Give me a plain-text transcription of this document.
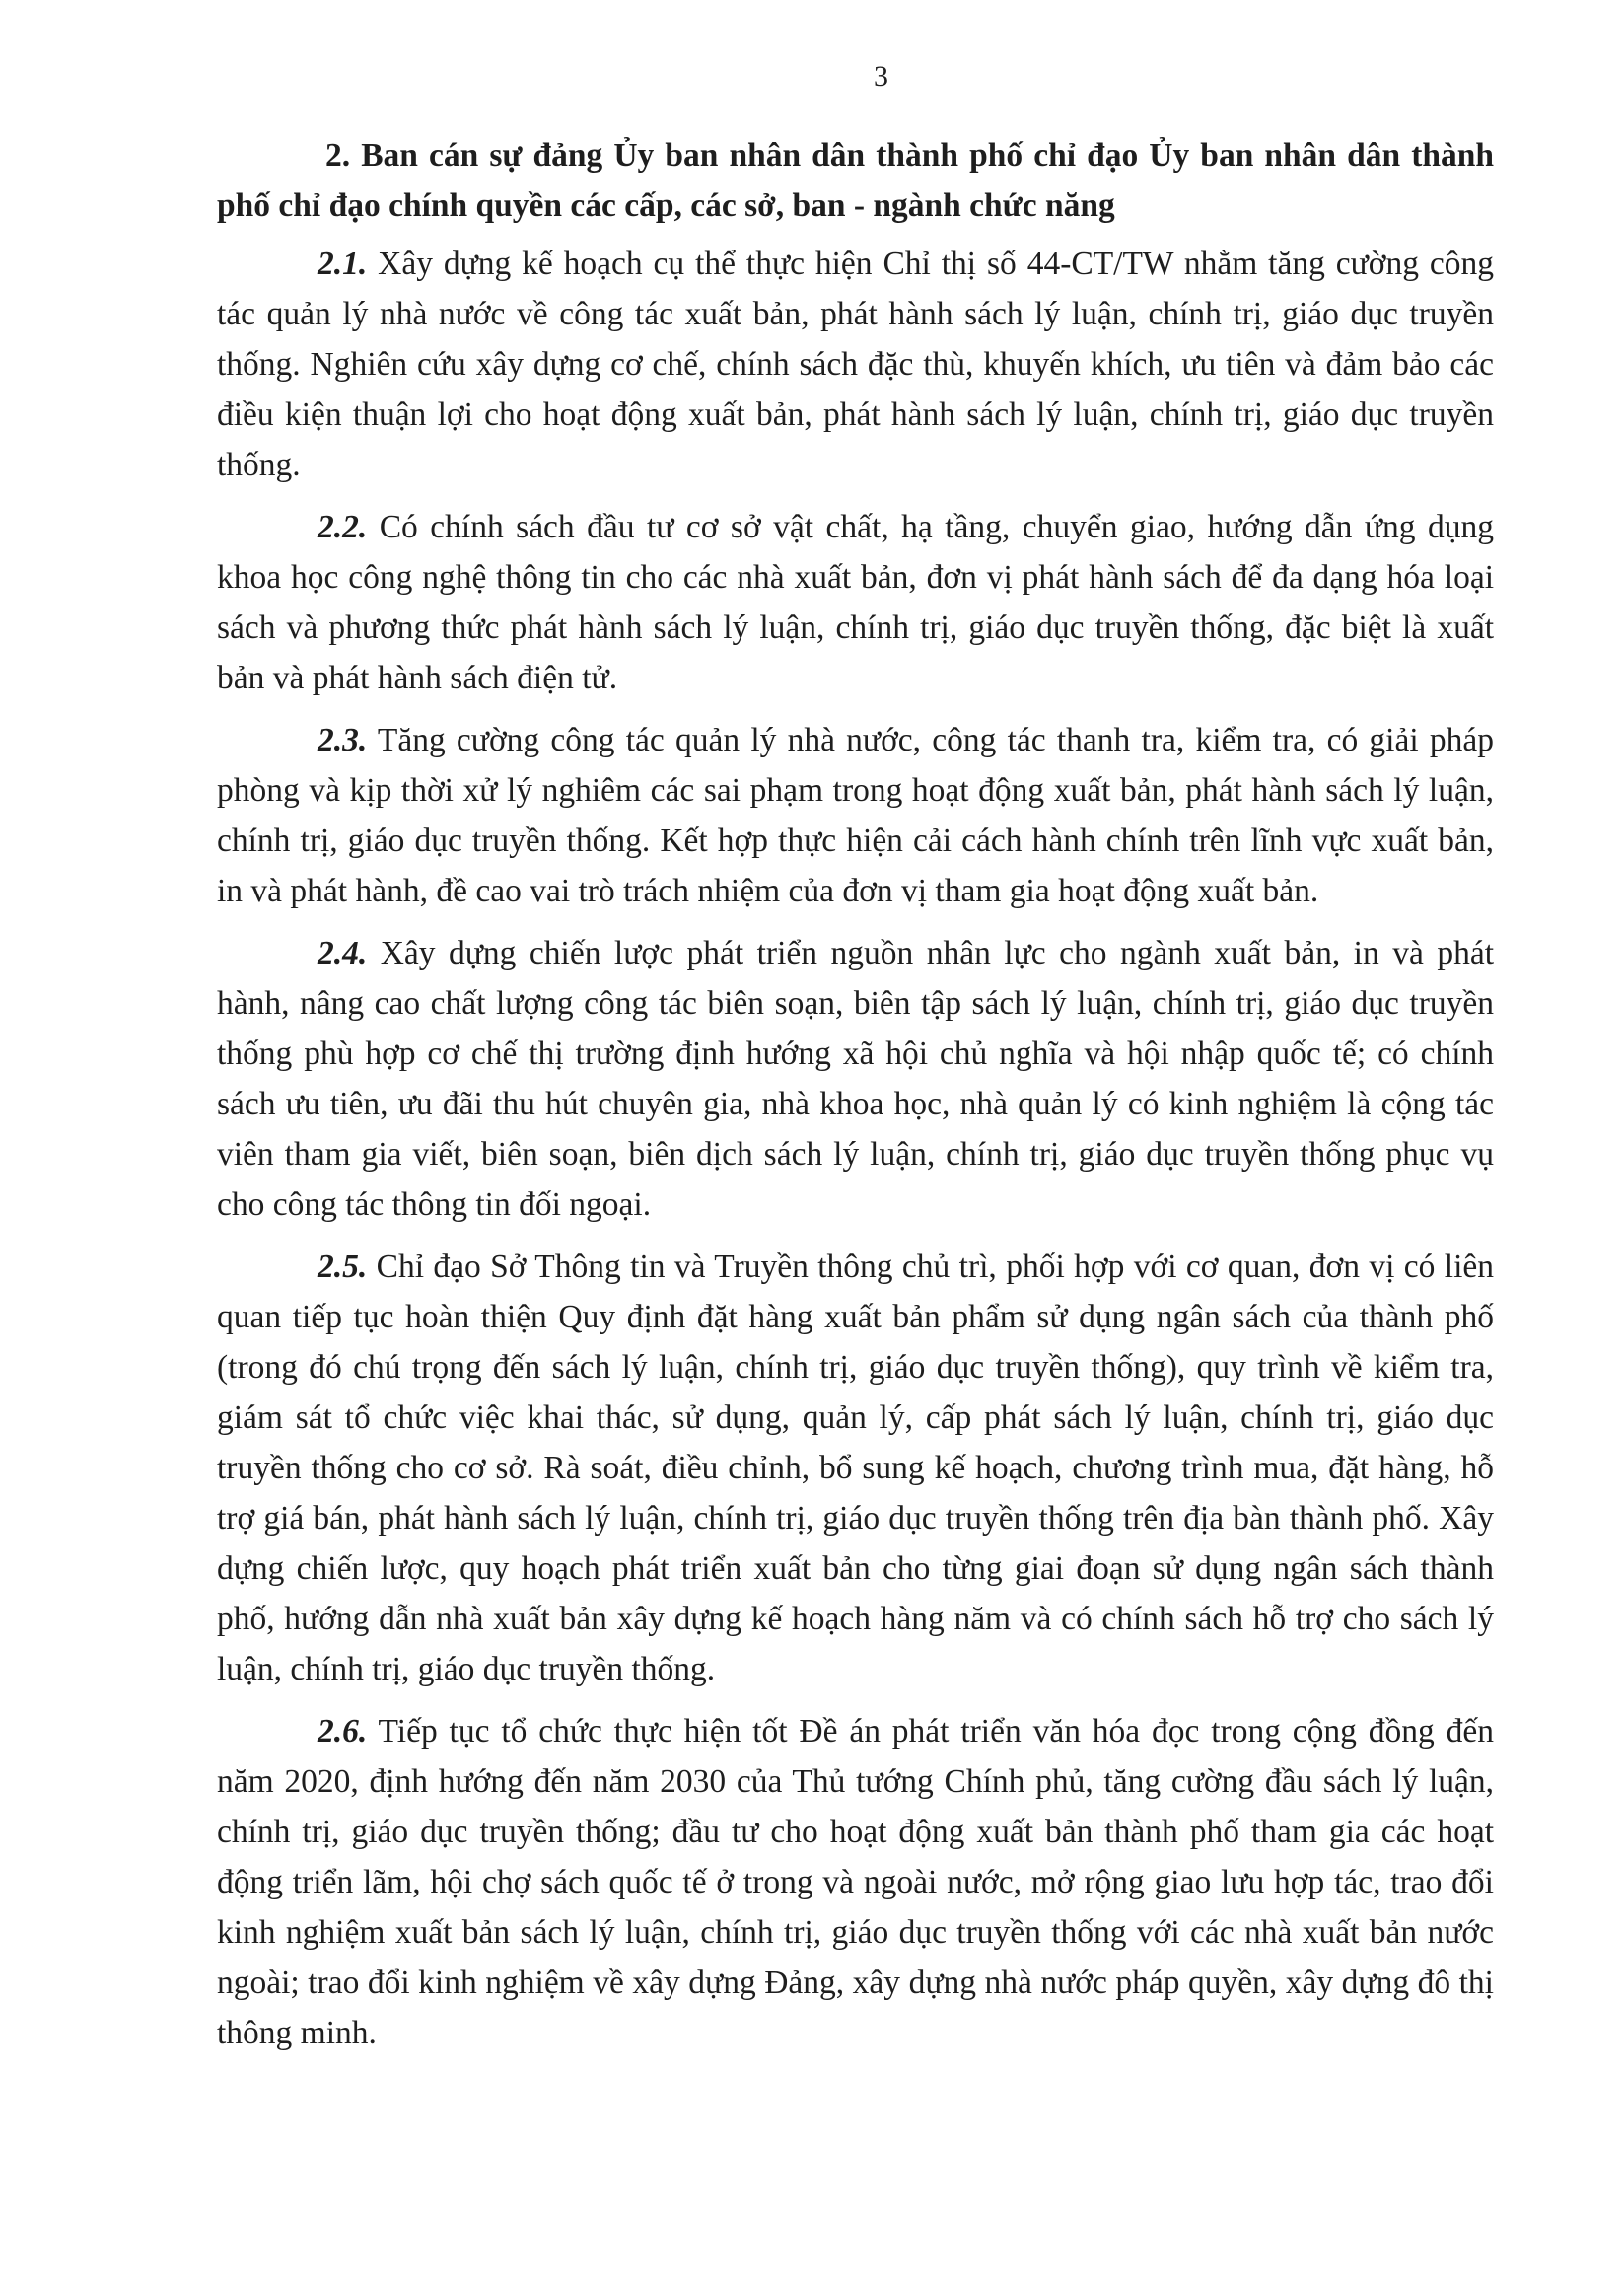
3

2. Ban cán sự đảng Ủy ban nhân dân thành phố chỉ đạo Ủy ban nhân dân thành phố chỉ đạo chính quyền các cấp, các sở, ban - ngành chức năng

2.1. Xây dựng kế hoạch cụ thể thực hiện Chỉ thị số 44-CT/TW nhằm tăng cường công tác quản lý nhà nước về công tác xuất bản, phát hành sách lý luận, chính trị, giáo dục truyền thống. Nghiên cứu xây dựng cơ chế, chính sách đặc thù, khuyến khích, ưu tiên và đảm bảo các điều kiện thuận lợi cho hoạt động xuất bản, phát hành sách lý luận, chính trị, giáo dục truyền thống.

2.2. Có chính sách đầu tư cơ sở vật chất, hạ tầng, chuyển giao, hướng dẫn ứng dụng khoa học công nghệ thông tin cho các nhà xuất bản, đơn vị phát hành sách để đa dạng hóa loại sách và phương thức phát hành sách lý luận, chính trị, giáo dục truyền thống, đặc biệt là xuất bản và phát hành sách điện tử.

2.3. Tăng cường công tác quản lý nhà nước, công tác thanh tra, kiểm tra, có giải pháp phòng và kịp thời xử lý nghiêm các sai phạm trong hoạt động xuất bản, phát hành sách lý luận, chính trị, giáo dục truyền thống. Kết hợp thực hiện cải cách hành chính trên lĩnh vực xuất bản, in và phát hành, đề cao vai trò trách nhiệm của đơn vị tham gia hoạt động xuất bản.

2.4. Xây dựng chiến lược phát triển nguồn nhân lực cho ngành xuất bản, in và phát hành, nâng cao chất lượng công tác biên soạn, biên tập sách lý luận, chính trị, giáo dục truyền thống phù hợp cơ chế thị trường định hướng xã hội chủ nghĩa và hội nhập quốc tế; có chính sách ưu tiên, ưu đãi thu hút chuyên gia, nhà khoa học, nhà quản lý có kinh nghiệm là cộng tác viên tham gia viết, biên soạn, biên dịch sách lý luận, chính trị, giáo dục truyền thống phục vụ cho công tác thông tin đối ngoại.

2.5. Chỉ đạo Sở Thông tin và Truyền thông chủ trì, phối hợp với cơ quan, đơn vị có liên quan tiếp tục hoàn thiện Quy định đặt hàng xuất bản phẩm sử dụng ngân sách của thành phố (trong đó chú trọng đến sách lý luận, chính trị, giáo dục truyền thống), quy trình về kiểm tra, giám sát tổ chức việc khai thác, sử dụng, quản lý, cấp phát sách lý luận, chính trị, giáo dục truyền thống cho cơ sở. Rà soát, điều chỉnh, bổ sung kế hoạch, chương trình mua, đặt hàng, hỗ trợ giá bán, phát hành sách lý luận, chính trị, giáo dục truyền thống trên địa bàn thành phố. Xây dựng chiến lược, quy hoạch phát triển xuất bản cho từng giai đoạn sử dụng ngân sách thành phố, hướng dẫn nhà xuất bản xây dựng kế hoạch hàng năm và có chính sách hỗ trợ cho sách lý luận, chính trị, giáo dục truyền thống.

2.6. Tiếp tục tổ chức thực hiện tốt Đề án phát triển văn hóa đọc trong cộng đồng đến năm 2020, định hướng đến năm 2030 của Thủ tướng Chính phủ, tăng cường đầu sách lý luận, chính trị, giáo dục truyền thống; đầu tư cho hoạt động xuất bản thành phố tham gia các hoạt động triển lãm, hội chợ sách quốc tế ở trong và ngoài nước, mở rộng giao lưu hợp tác, trao đổi kinh nghiệm xuất bản sách lý luận, chính trị, giáo dục truyền thống với các nhà xuất bản nước ngoài; trao đổi kinh nghiệm về xây dựng Đảng, xây dựng nhà nước pháp quyền, xây dựng đô thị thông minh.
